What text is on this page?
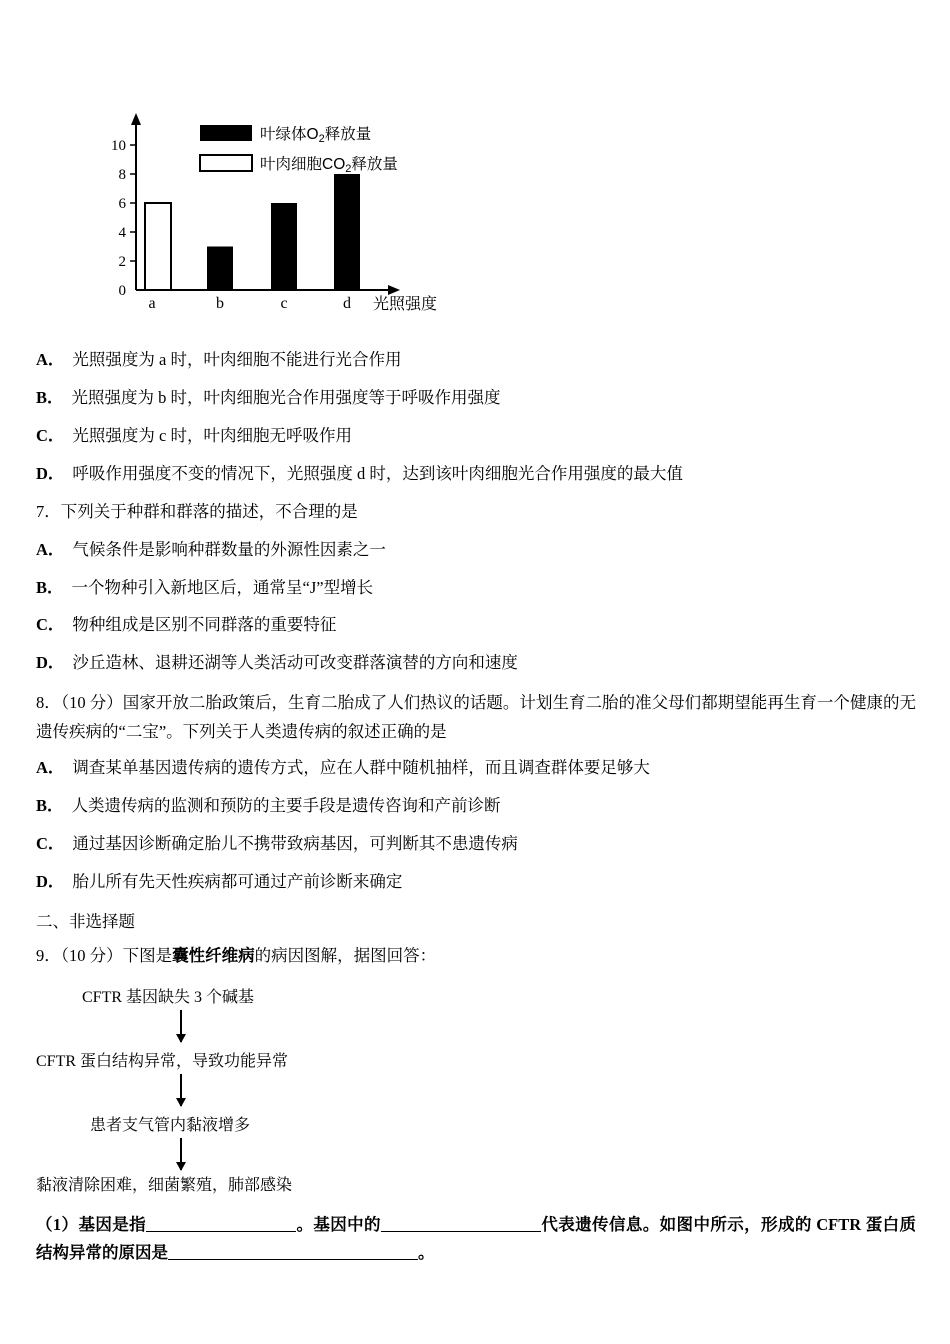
10
8
6
4
2
0
a	b	c	d 光照强度
叶绿体O2释放量
叶肉细胞CO2释放量
A． 光照强度为 a 时，叶肉细胞不能进行光合作用
B． 光照强度为 b 时，叶肉细胞光合作用强度等于呼吸作用强度
C． 光照强度为 c 时，叶肉细胞无呼吸作用
D． 呼吸作用强度不变的情况下，光照强度 d 时，达到该叶肉细胞光合作用强度的最大值
7．下列关于种群和群落的描述，不合理的是
A． 气候条件是影响种群数量的外源性因素之一
B． 一个物种引入新地区后，通常呈“J”型增长
C． 物种组成是区别不同群落的重要特征
D． 沙丘造林、退耕还湖等人类活动可改变群落演替的方向和速度
8．（10 分）国家开放二胎政策后，生育二胎成了人们热议的话题。计划生育二胎的准父母们都期望能再生育一个健康的无遗传疾病的“二宝”。下列关于人类遗传病的叙述正确的是
A． 调查某单基因遗传病的遗传方式，应在人群中随机抽样，而且调查群体要足够大
B． 人类遗传病的监测和预防的主要手段是遗传咨询和产前诊断
C． 通过基因诊断确定胎儿不携带致病基因，可判断其不患遗传病
D． 胎儿所有先天性疾病都可通过产前诊断来确定
二、非选择题
9．（10 分）下图是囊性纤维病的病因图解，据图回答：
CFTR 基因缺失 3 个碱基
CFTR 蛋白结构异常，导致功能异常
患者支气管内黏液增多
黏液清除困难，细菌繁殖，肺部感染
（1）基因是指	。基因中的	代表遗传信息。如图中所示，形成的 CFTR 蛋白质结构异常的原因是	。
